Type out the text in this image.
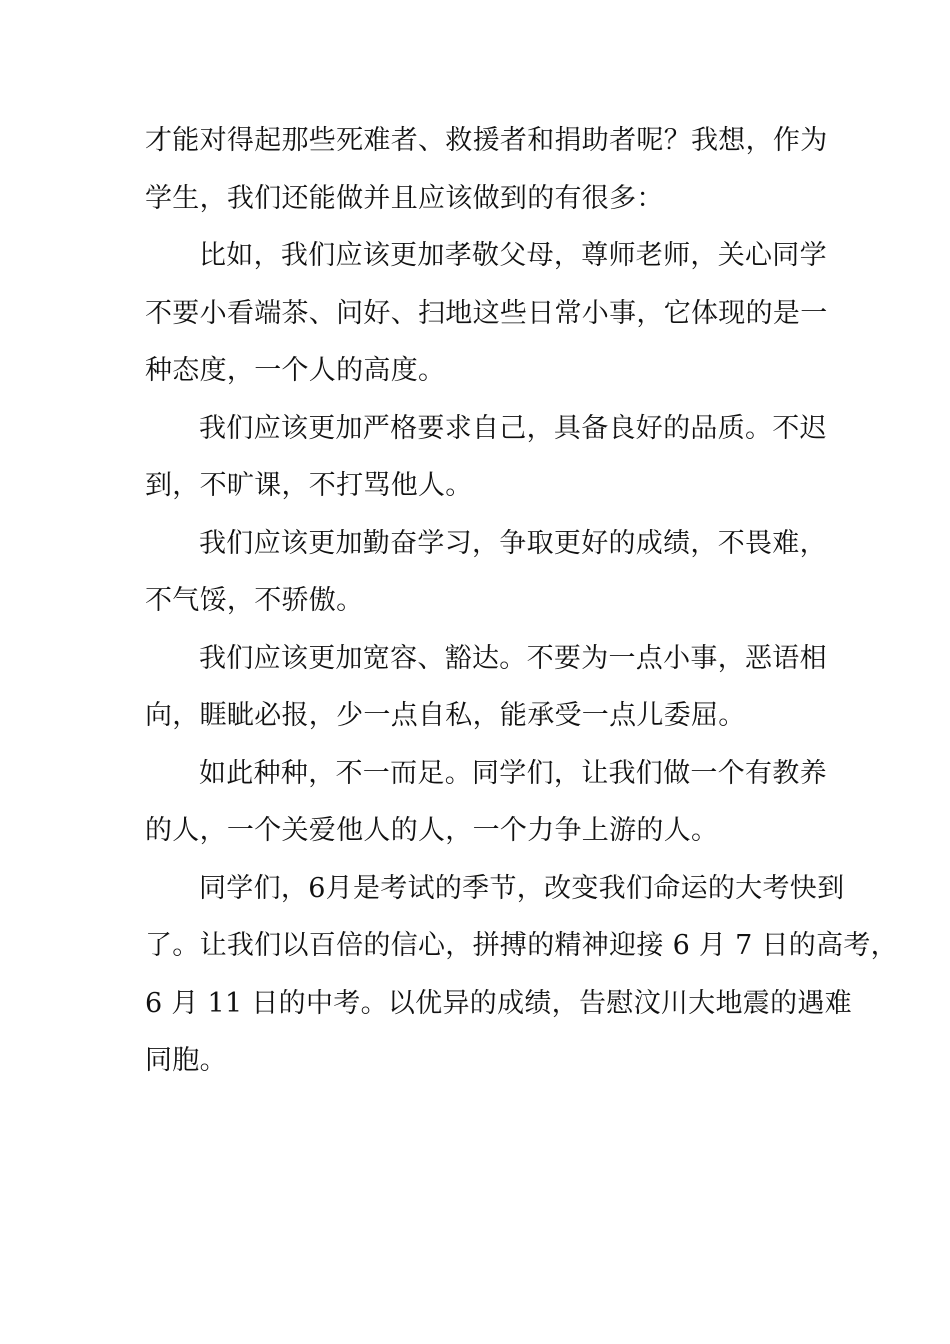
才能对得起那些死难者、救援者和捐助者呢？我想，作为
学生，我们还能做并且应该做到的有很多：
比如，我们应该更加孝敬父母，尊师老师，关心同学
不要小看端茶、问好、扫地这些日常小事，它体现的是一
种态度，一个人的高度。
我们应该更加严格要求自己，具备良好的品质。不迟
到，不旷课，不打骂他人。
我们应该更加勤奋学习，争取更好的成绩，不畏难，
不气馁，不骄傲。
我们应该更加宽容、豁达。不要为一点小事，恶语相
向，睚眦必报，少一点自私，能承受一点儿委屈。
如此种种，不一而足。同学们，让我们做一个有教养
的人，一个关爱他人的人，一个力争上游的人。
同学们，6月是考试的季节，改变我们命运的大考快到
了。让我们以百倍的信心，拼搏的精神迎接 6 月 7 日的高考，
6 月 11 日的中考。以优异的成绩，告慰汶川大地震的遇难
同胞。
